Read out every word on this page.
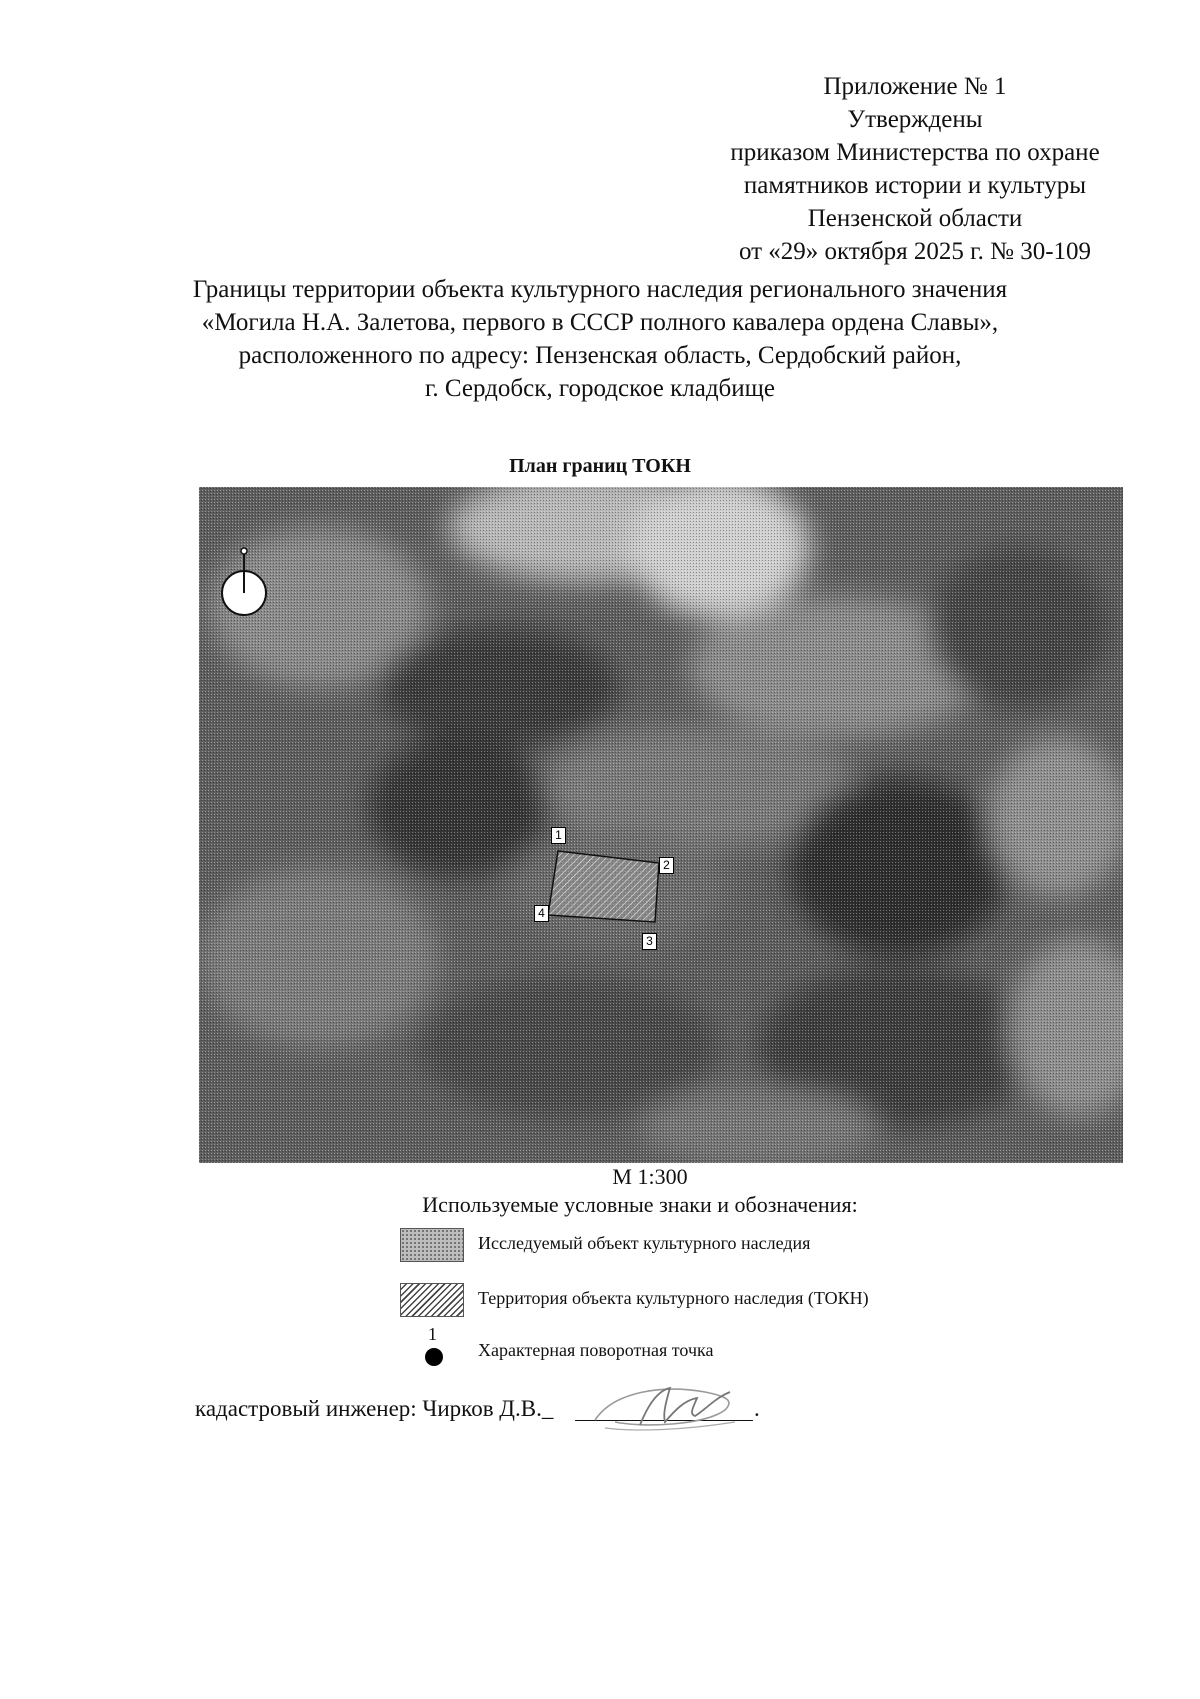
Приложение № 1
Утверждены
приказом Министерства по охране
памятников истории и культуры
Пензенской области
от «29» октября 2025 г. № 30-109
Границы территории объекта культурного наследия регионального значения
«Могила Н.А. Залетова, первого в СССР полного кавалера ордена Славы»,
расположенного по адресу: Пензенская область, Сердобский район,
г. Сердобск, городское кладбище
План границ ТОКН
1
2
3
4
М 1:300
Используемые условные знаки и обозначения:
Исследуемый объект культурного наследия
Территория объекта культурного наследия (ТОКН)
1
Характерная поворотная точка
кадастровый инженер: Чирков Д.В._	.
